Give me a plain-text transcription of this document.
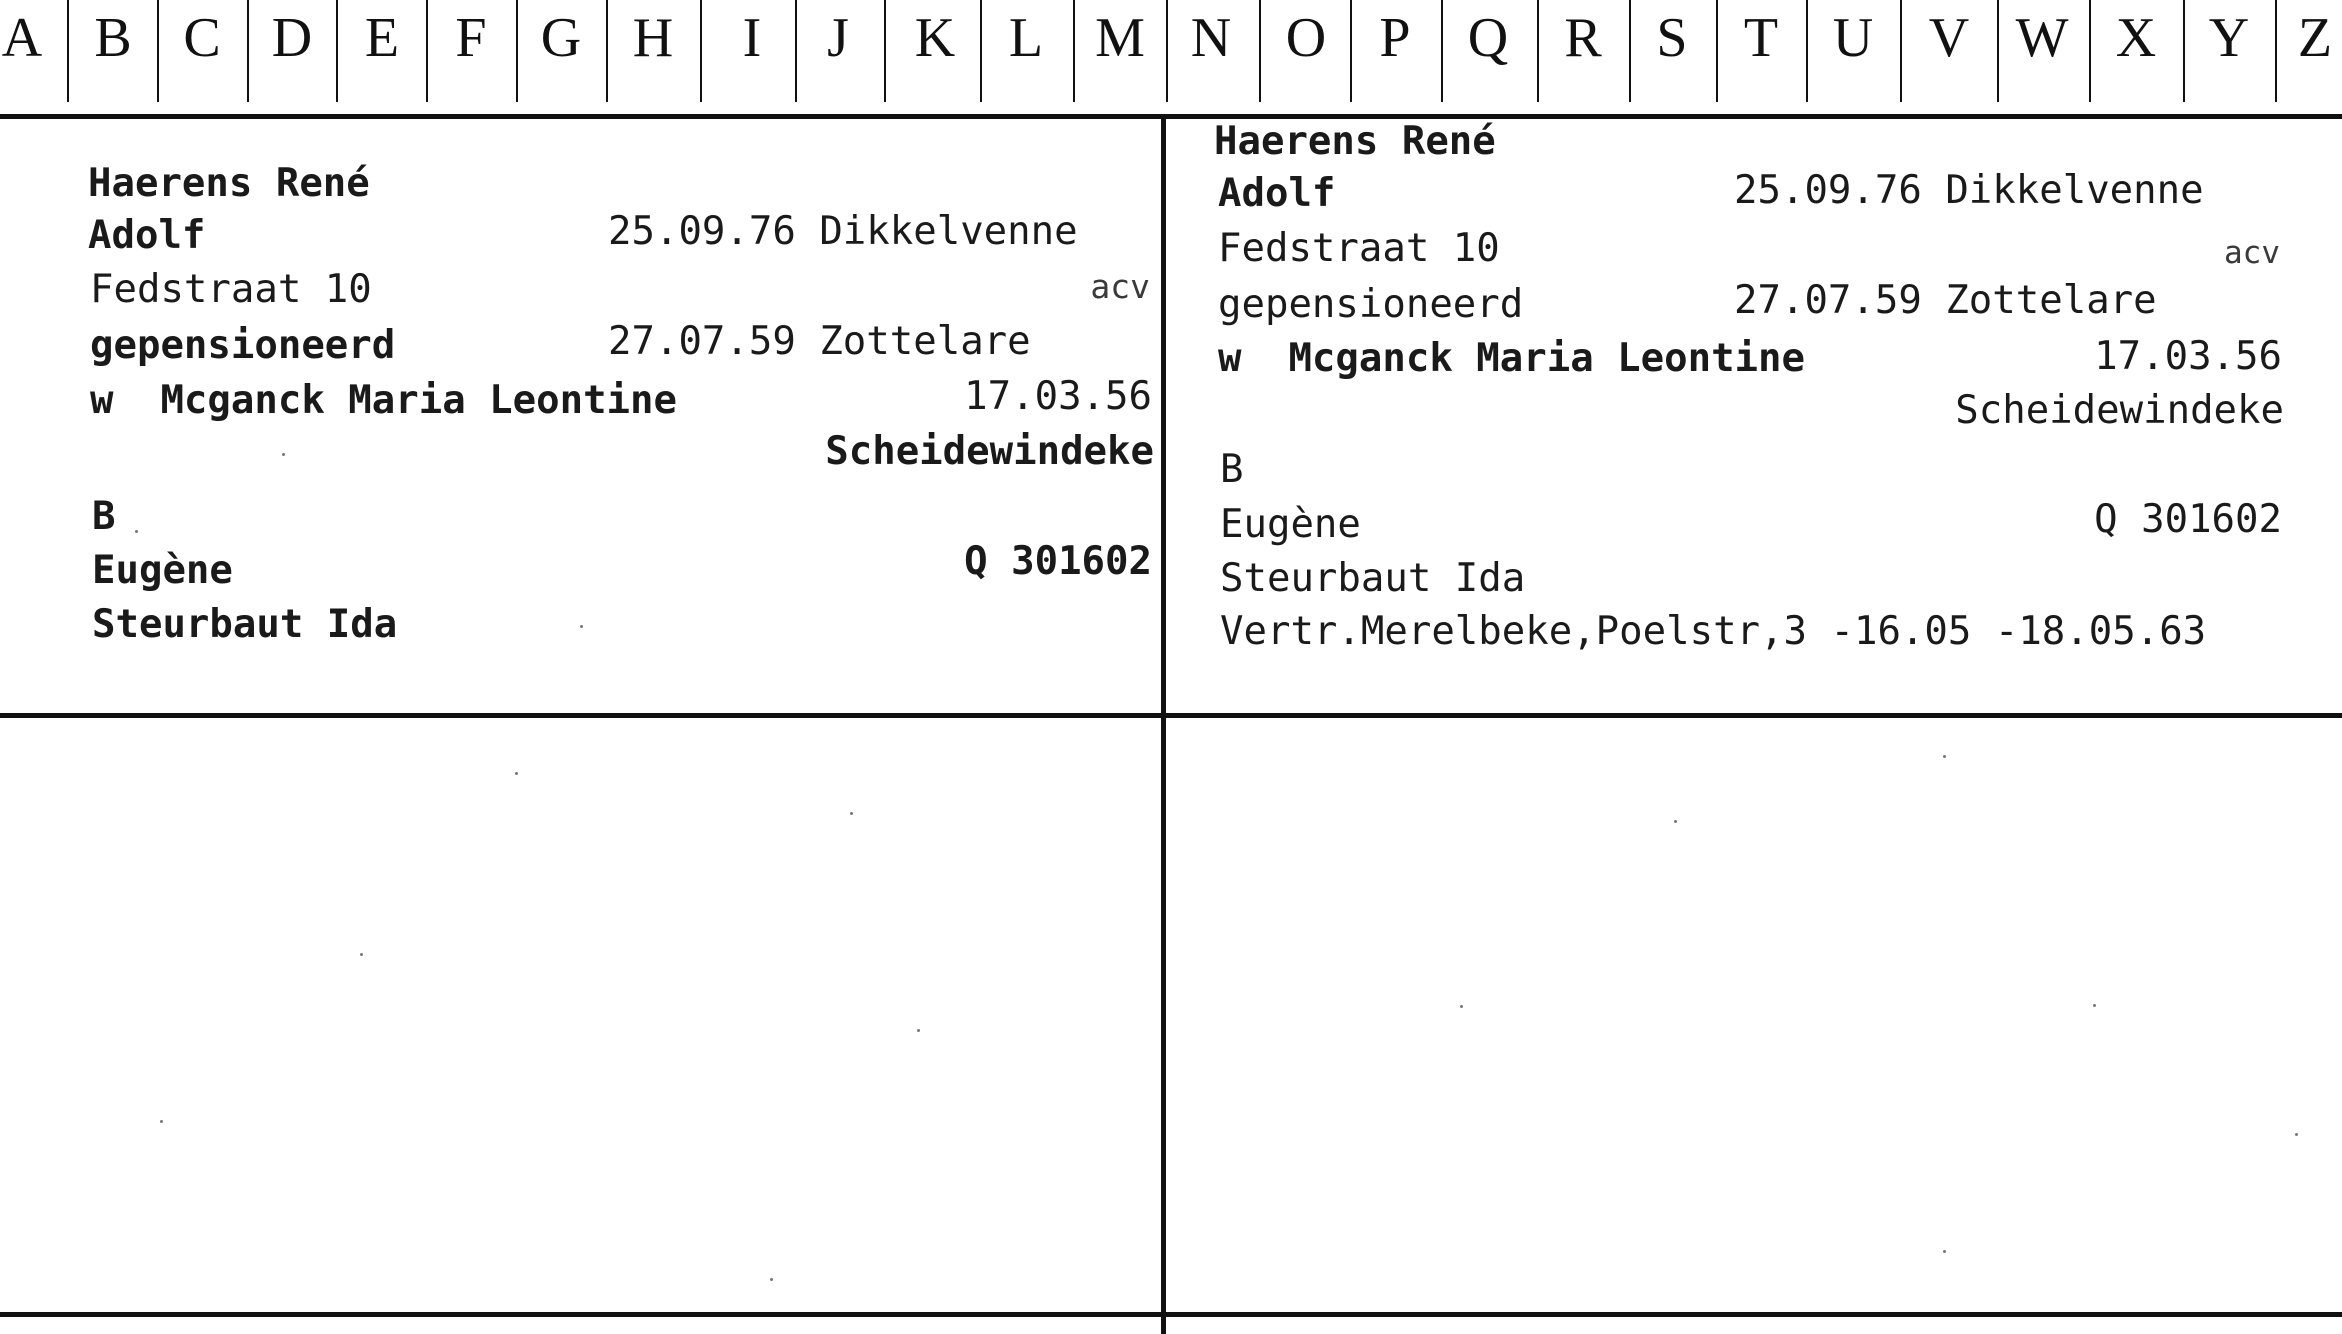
A B C D E F G H	I	J	K L M N O P Q R S T U V W X Y Z
Haerens René
Adolf	25.09.76 Dikkelvenne
Fedstraat 10	acv
gepensioneerd	27.07.59 Zottelare
w  Mcganck Maria Leontine	17.03.56
Scheidewindeke
B
Eugène	Q 301602
Steurbaut Ida
Haerens René
Adolf	25.09.76 Dikkelvenne
Fedstraat 10	acv
gepensioneerd	27.07.59 Zottelare
w  Mcganck Maria Leontine	17.03.56
Scheidewindeke
B
Eugène	Q 301602
Steurbaut Ida
Vertr.Merelbeke,Poelstr,3 -16.05 -18.05.63
